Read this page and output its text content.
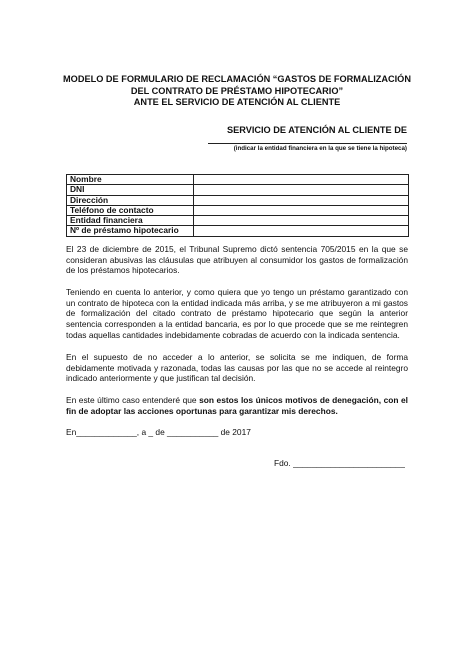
MODELO DE FORMULARIO DE RECLAMACIÓN “GASTOS DE FORMALIZACIÓN
DEL CONTRATO DE PRÉSTAMO HIPOTECARIO”
ANTE EL SERVICIO DE ATENCIÓN AL CLIENTE
SERVICIO DE ATENCIÓN AL CLIENTE DE
(indicar la entidad financiera en la que se tiene la hipoteca)
Nombre	
DNI	
Dirección	
Teléfono de contacto	
Entidad financiera	
Nº de préstamo hipotecario	
El 23 de diciembre de 2015, el Tribunal Supremo dictó sentencia 705/2015 en la que se consideran abusivas las cláusulas que atribuyen al consumidor los gastos de formalización de los préstamos hipotecarios.
Teniendo en cuenta lo anterior, y como quiera que yo tengo un préstamo garantizado con un contrato de hipoteca con la entidad indicada más arriba, y se me atribuyeron a mi gastos de formalización del citado contrato de préstamo hipotecario que según la anterior sentencia corresponden a la entidad bancaria, es por lo que procede que se me reintegren todas aquellas cantidades indebidamente cobradas de acuerdo con la indicada sentencia.
En el supuesto de no acceder a lo anterior, se solicita se me indiquen, de forma debidamente motivada y razonada, todas las causas por las que no se accede al reintegro indicado anteriormente y que justifican tal decisión.
En este último caso entenderé que son estos los únicos motivos de denegación, con el fin de adoptar las acciones oportunas para garantizar mis derechos.
En_____________, a _ de ___________ de 2017
Fdo. ________________________
